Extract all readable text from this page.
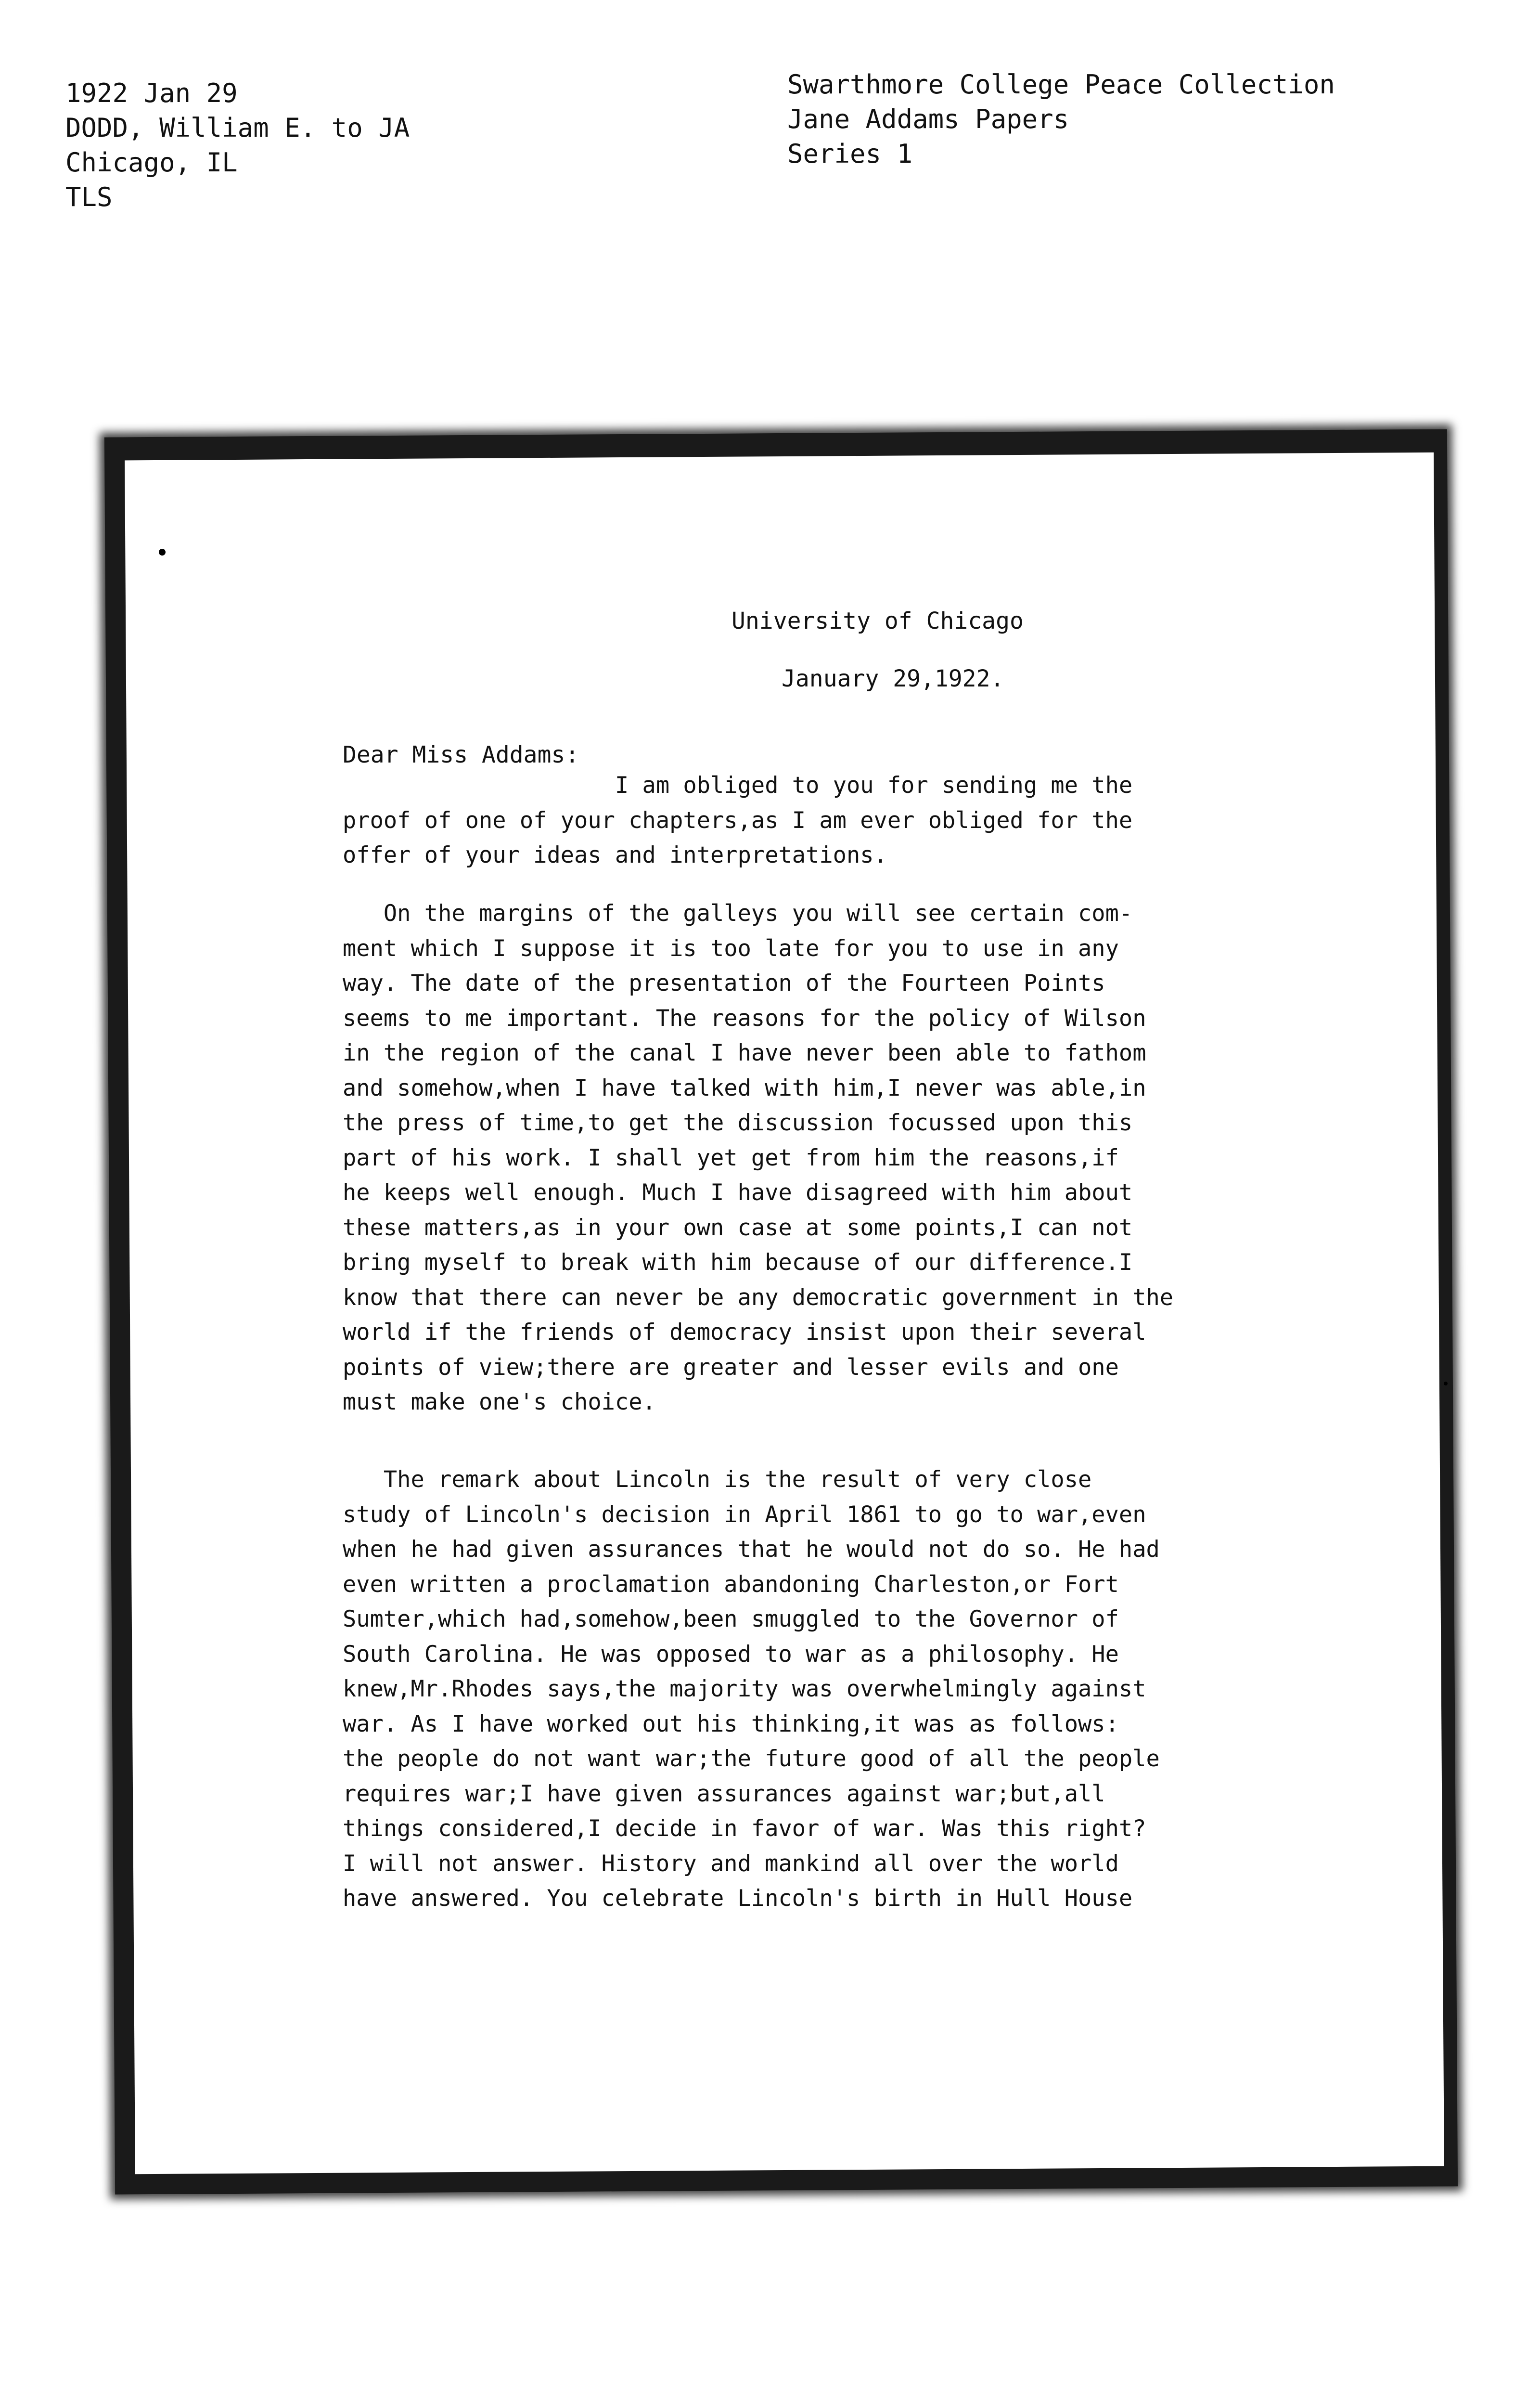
1922 Jan 29
DODD, William E. to JA
Chicago, IL
TLS
Swarthmore College Peace Collection
Jane Addams Papers
Series 1
University of Chicago
January 29,1922.
Dear Miss Addams:
I am obliged to you for sending me the
proof of one of your chapters,as I am ever obliged for the
offer of your ideas and interpretations.
On the margins of the galleys you will see certain com-
ment which I suppose it is too late for you to use in any
way. The date of the presentation of the Fourteen Points
seems to me important. The reasons for the policy of Wilson
in the region of the canal I have never been able to fathom
and somehow,when I have talked with him,I never was able,in
the press of time,to get the discussion focussed upon this
part of his work. I shall yet get from him the reasons,if
he keeps well enough. Much I have disagreed with him about
these matters,as in your own case at some points,I can not
bring myself to break with him because of our difference.I
know that there can never be any democratic government in the
world if the friends of democracy insist upon their several
points of view;there are greater and lesser evils and one
must make one's choice.
The remark about Lincoln is the result of very close
study of Lincoln's decision in April 1861 to go to war,even
when he had given assurances that he would not do so. He had
even written a proclamation abandoning Charleston,or Fort
Sumter,which had,somehow,been smuggled to the Governor of
South Carolina. He was opposed to war as a philosophy. He
knew,Mr.Rhodes says,the majority was overwhelmingly against
war. As I have worked out his thinking,it was as follows:
the people do not want war;the future good of all the people
requires war;I have given assurances against war;but,all
things considered,I decide in favor of war. Was this right?
I will not answer. History and mankind all over the world
have answered. You celebrate Lincoln's birth in Hull House
